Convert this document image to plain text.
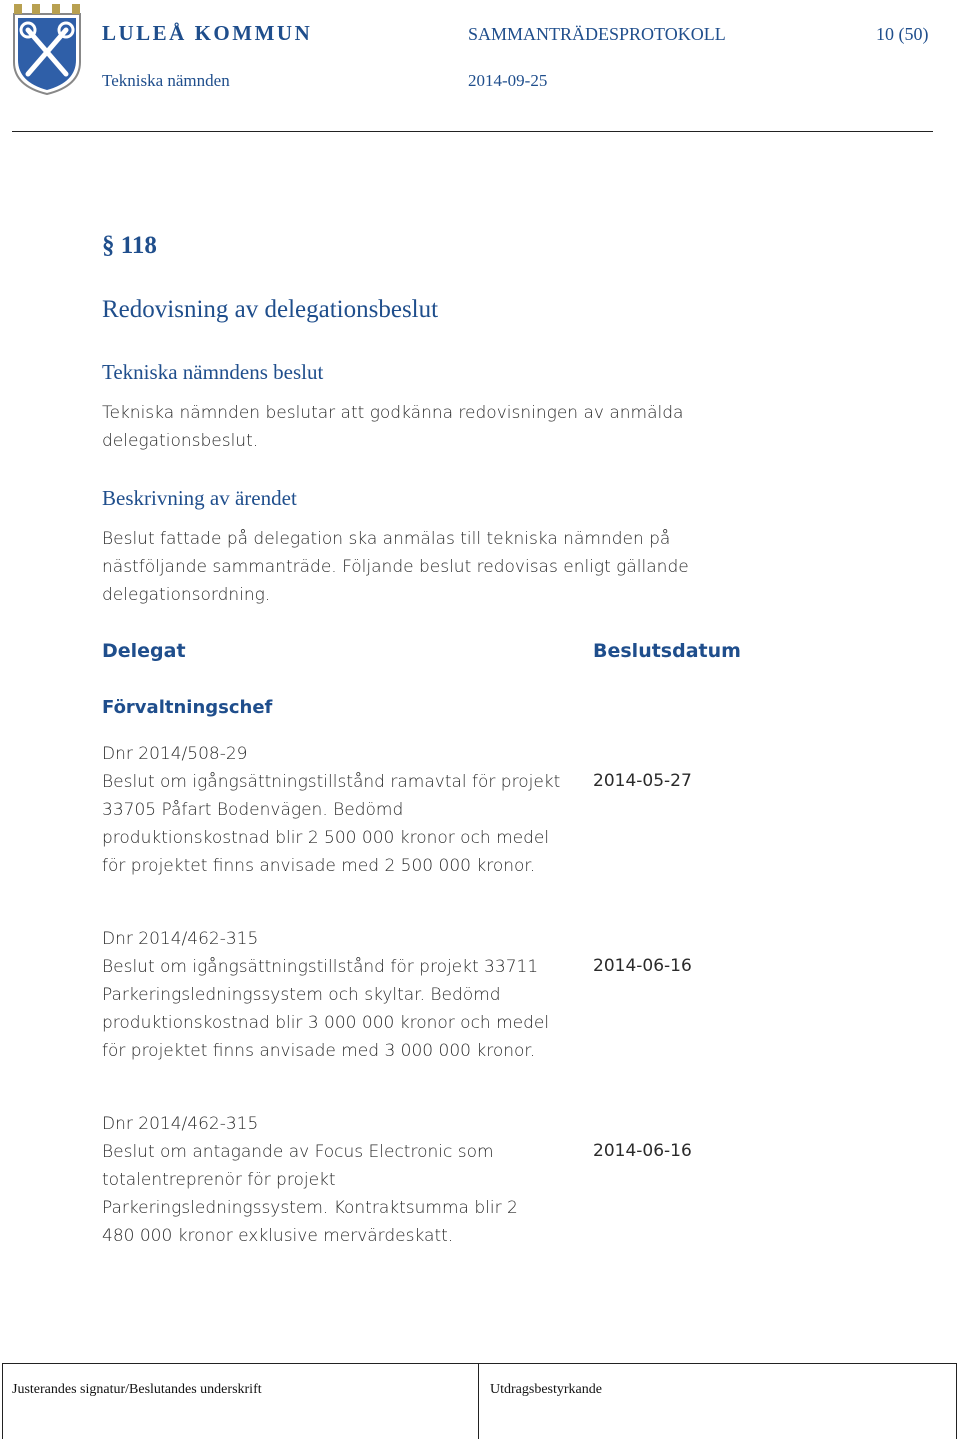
LULEÅ KOMMUN
Tekniska nämnden
SAMMANTRÄDESPROTOKOLL
2014-09-25
10 (50)
§ 118
Redovisning av delegationsbeslut
Tekniska nämndens beslut
Tekniska nämnden beslutar att godkänna redovisningen av anmälda delegationsbeslut.
Beskrivning av ärendet
Beslut fattade på delegation ska anmälas till tekniska nämnden på nästföljande sammanträde. Följande beslut redovisas enligt gällande delegationsordning.
Delegat	Beslutsdatum
Förvaltningschef
Dnr 2014/508-29
Beslut om igångsättningstillstånd ramavtal för projekt 33705 Påfart Bodenvägen. Bedömd produktionskostnad blir 2 500 000 kronor och medel för projektet finns anvisade med 2 500 000 kronor.
2014-05-27
Dnr 2014/462-315
Beslut om igångsättningstillstånd för projekt 33711 Parkeringsledningssystem och skyltar. Bedömd produktionskostnad blir 3 000 000 kronor och medel för projektet finns anvisade med 3 000 000 kronor.
2014-06-16
Dnr 2014/462-315
Beslut om antagande av Focus Electronic som totalentreprenör för projekt Parkeringsledningssystem. Kontraktsumma blir 2 480 000 kronor exklusive mervärdeskatt.
2014-06-16
Justerandes signatur/Beslutandes underskrift	Utdragsbestyrkande
